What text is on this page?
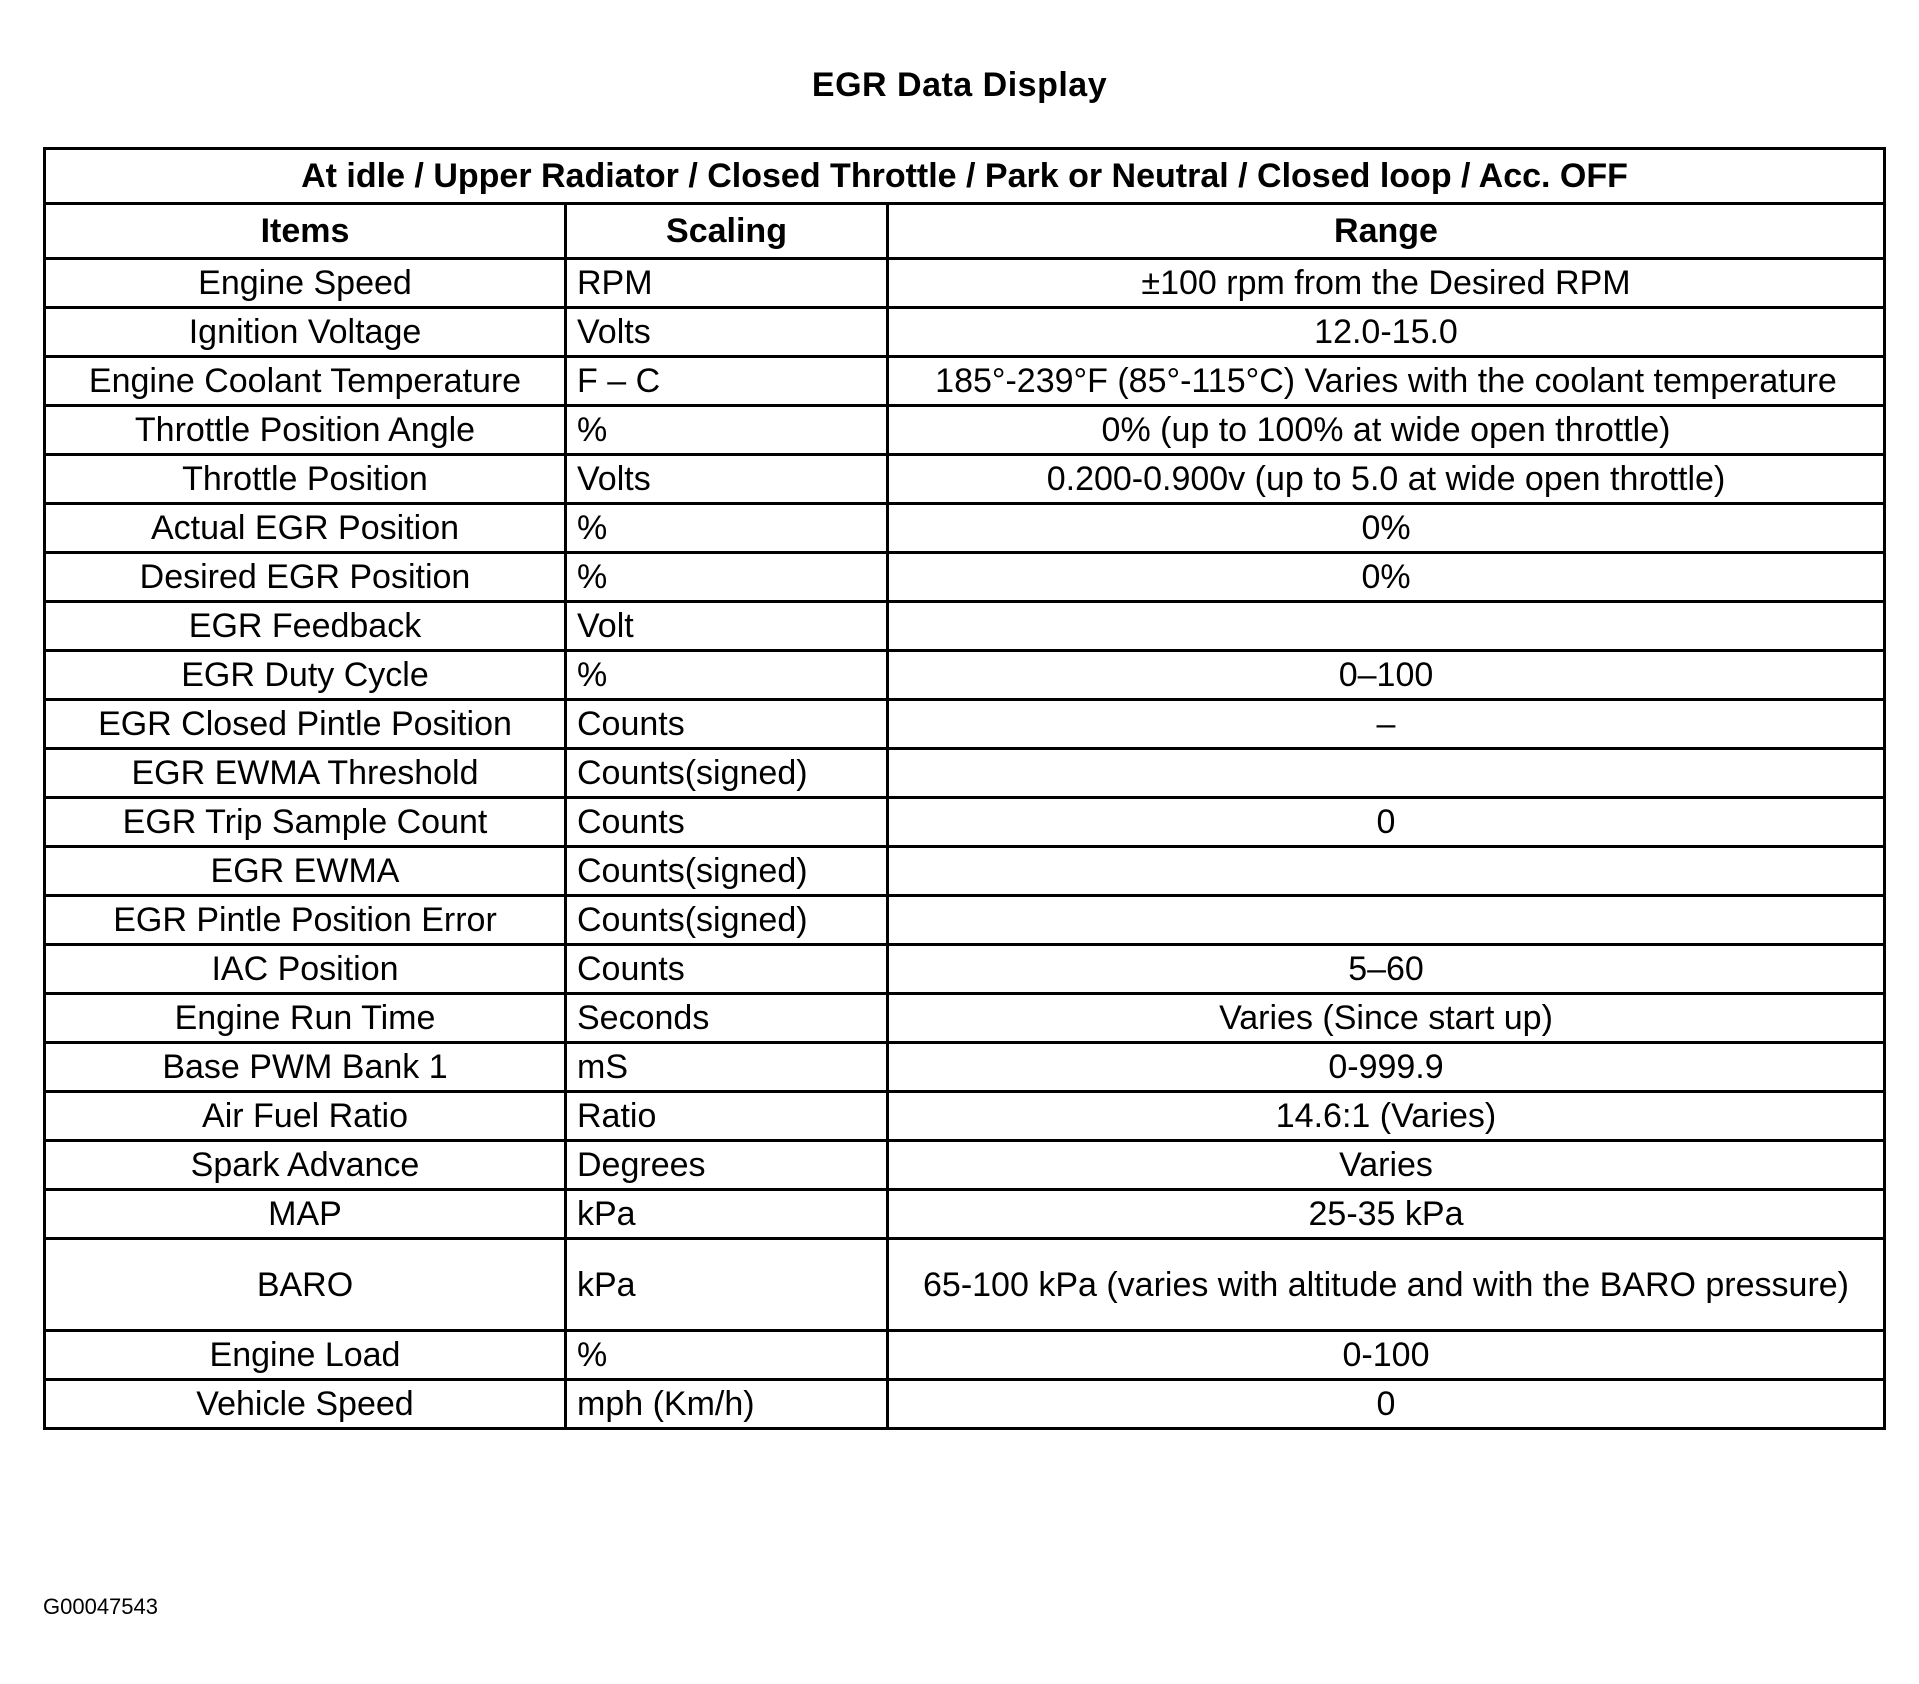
EGR Data Display
At idle / Upper Radiator / Closed Throttle / Park or Neutral / Closed loop / Acc. OFF		
Items	Scaling	Range
Engine Speed	RPM	±100 rpm from the Desired RPM
Ignition Voltage	Volts	12.0-15.0
Engine Coolant Temperature	F – C	185°-239°F (85°-115°C) Varies with the coolant temperature
Throttle Position Angle	%	0% (up to 100% at wide open throttle)
Throttle Position	Volts	0.200-0.900v (up to 5.0 at wide open throttle)
Actual EGR Position	%	0%
Desired EGR Position	%	0%
EGR Feedback	Volt	
EGR Duty Cycle	%	0–100
EGR Closed Pintle Position	Counts	–
EGR EWMA Threshold	Counts(signed)	
EGR Trip Sample Count	Counts	0
EGR EWMA	Counts(signed)	
EGR Pintle Position Error	Counts(signed)	
IAC Position	Counts	5–60
Engine Run Time	Seconds	Varies (Since start up)
Base PWM Bank 1	mS	0-999.9
Air Fuel Ratio	Ratio	14.6:1 (Varies)
Spark Advance	Degrees	Varies
MAP	kPa	25-35 kPa
BARO	kPa	65-100 kPa (varies with altitude and with the BARO pressure)
Engine Load	%	0-100
Vehicle Speed	mph (Km/h)	0
G00047543
